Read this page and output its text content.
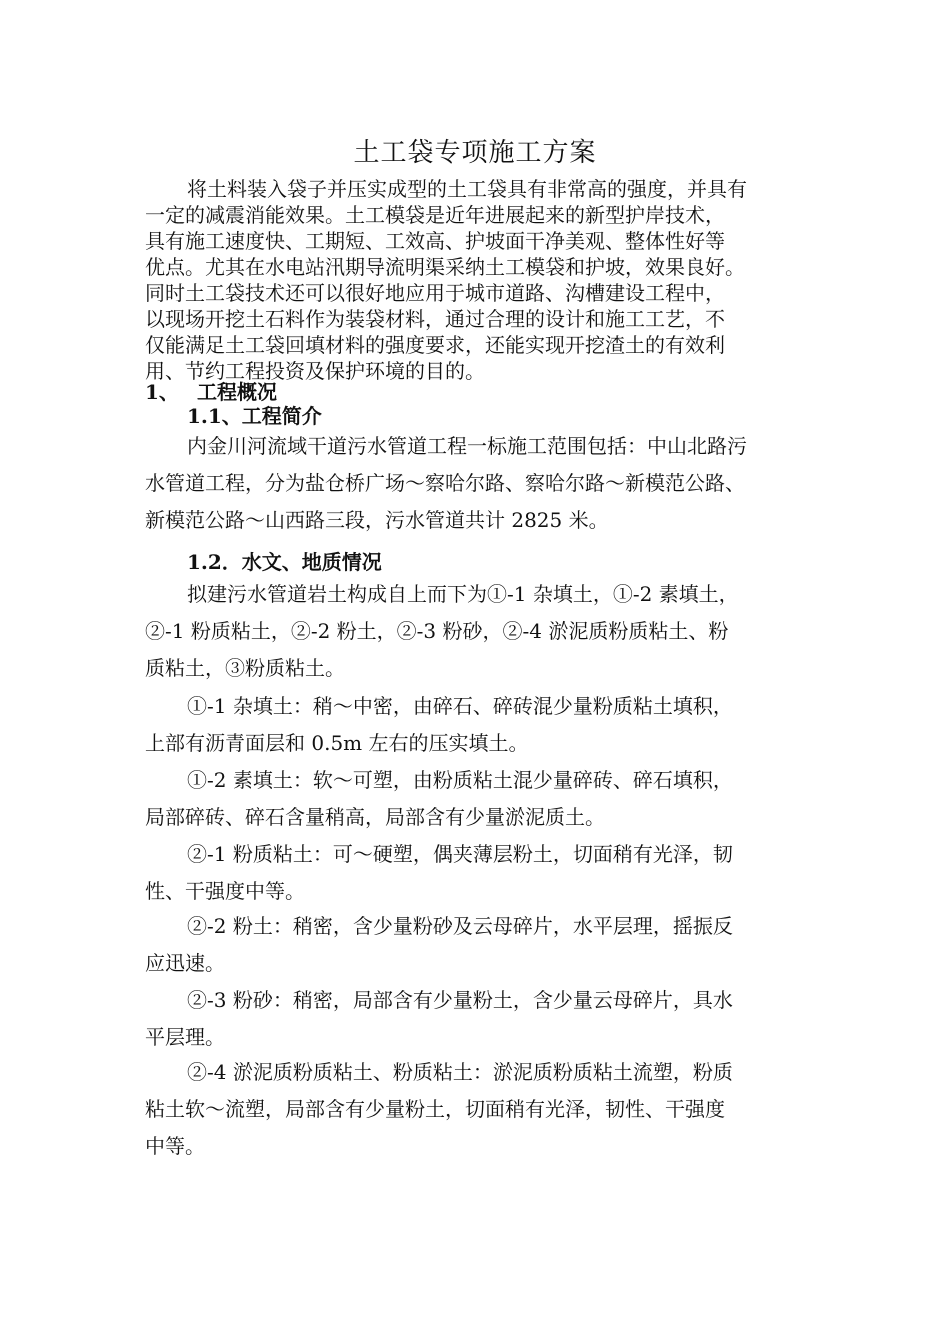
土工袋专项施工方案
将土料装入袋子并压实成型的土工袋具有非常高的强度，并具有
一定的减震消能效果。土工模袋是近年进展起来的新型护岸技术，
具有施工速度快、工期短、工效高、护坡面干净美观、整体性好等
优点。尤其在水电站汛期导流明渠采纳土工模袋和护坡，效果良好。
同时土工袋技术还可以很好地应用于城市道路、沟槽建设工程中，
以现场开挖土石料作为装袋材料，通过合理的设计和施工工艺，不
仅能满足土工袋回填材料的强度要求，还能实现开挖渣土的有效利
用、节约工程投资及保护环境的目的。
1、 工程概况
1.1、工程简介
内金川河流域干道污水管道工程一标施工范围包括：中山北路污
水管道工程，分为盐仓桥广场～察哈尔路、察哈尔路～新模范公路、
新模范公路～山西路三段，污水管道共计 2825 米。
1.2．水文、地质情况
拟建污水管道岩土构成自上而下为①-1 杂填土，①-2 素填土，
②-1 粉质粘土，②-2 粉土，②-3 粉砂，②-4 淤泥质粉质粘土、粉
质粘土，③粉质粘土。
①-1 杂填土：稍～中密，由碎石、碎砖混少量粉质粘土填积，
上部有沥青面层和 0.5m 左右的压实填土。
①-2 素填土：软～可塑，由粉质粘土混少量碎砖、碎石填积，
局部碎砖、碎石含量稍高，局部含有少量淤泥质土。
②-1 粉质粘土：可～硬塑，偶夹薄层粉土，切面稍有光泽，韧
性、干强度中等。
②-2 粉土：稍密，含少量粉砂及云母碎片，水平层理，摇振反
应迅速。
②-3 粉砂：稍密，局部含有少量粉土，含少量云母碎片，具水
平层理。
②-4 淤泥质粉质粘土、粉质粘土：淤泥质粉质粘土流塑，粉质
粘土软～流塑，局部含有少量粉土，切面稍有光泽，韧性、干强度
中等。
